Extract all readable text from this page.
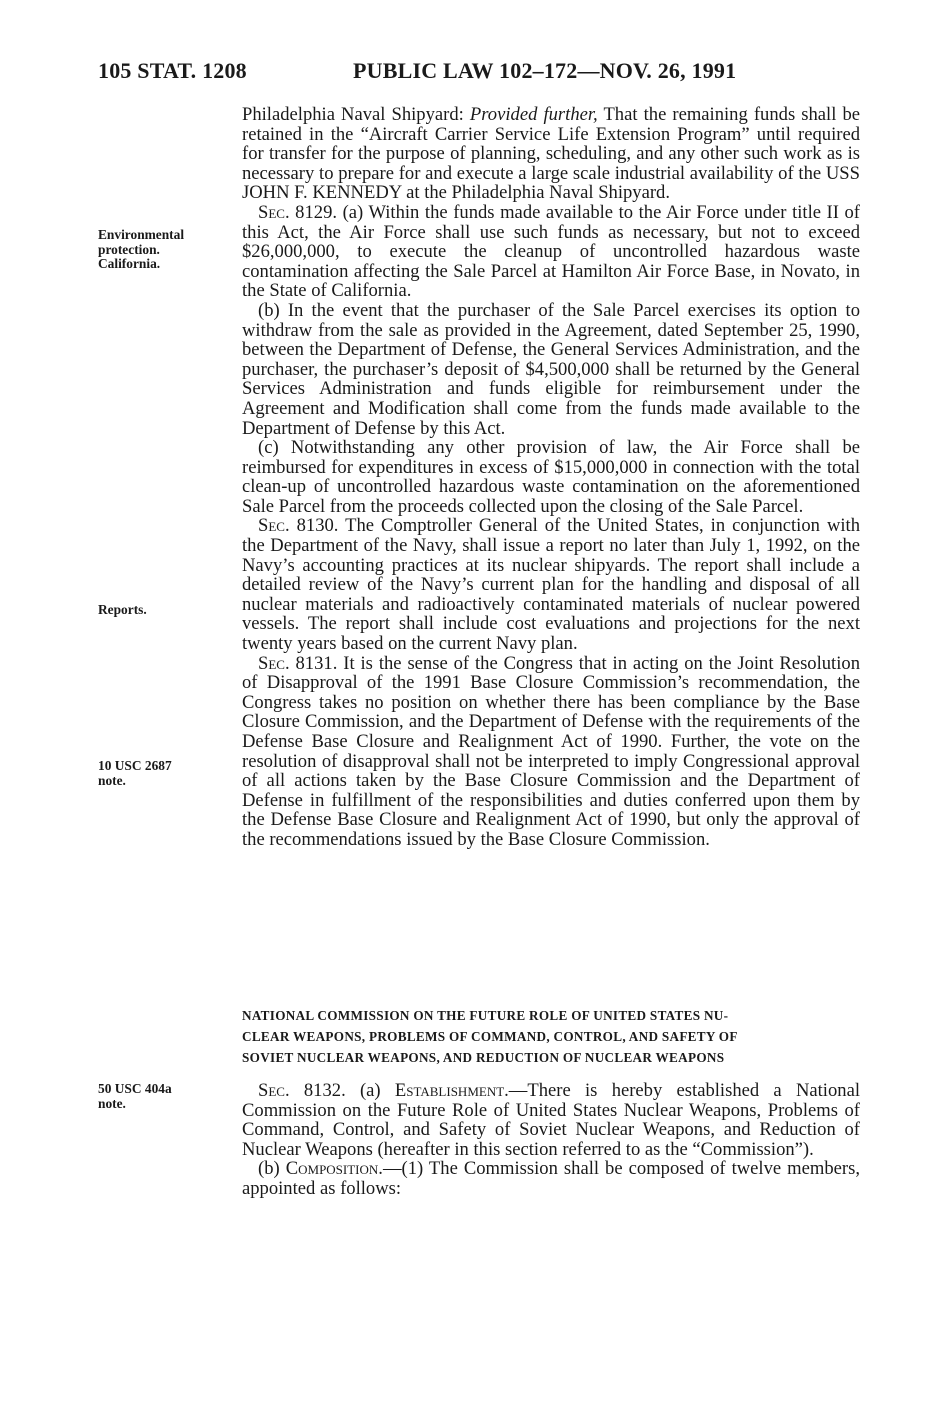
105 STAT. 1208	PUBLIC LAW 102–172—NOV. 26, 1991
Environmental
protection.
California.
Reports.
10 USC 2687
note.
50 USC 404a
note.

Philadelphia Naval Shipyard: Provided further, That the remaining funds shall be retained in the “Aircraft Carrier Service Life Extension Program” until required for transfer for the purpose of planning, scheduling, and any other such work as is necessary to prepare for and execute a large scale industrial availability of the USS JOHN F. KENNEDY at the Philadelphia Naval Shipyard.

Sec. 8129. (a) Within the funds made available to the Air Force under title II of this Act, the Air Force shall use such funds as necessary, but not to exceed $26,000,000, to execute the cleanup of uncontrolled hazardous waste contamination affecting the Sale Parcel at Hamilton Air Force Base, in Novato, in the State of California.

(b) In the event that the purchaser of the Sale Parcel exercises its option to withdraw from the sale as provided in the Agreement, dated September 25, 1990, between the Department of Defense, the General Services Administration, and the purchaser, the purchaser’s deposit of $4,500,000 shall be returned by the General Services Administration and funds eligible for reimbursement under the Agreement and Modification shall come from the funds made available to the Department of Defense by this Act.

(c) Notwithstanding any other provision of law, the Air Force shall be reimbursed for expenditures in excess of $15,000,000 in connection with the total clean-up of uncontrolled hazardous waste contamination on the aforementioned Sale Parcel from the proceeds collected upon the closing of the Sale Parcel.

Sec. 8130. The Comptroller General of the United States, in conjunction with the Department of the Navy, shall issue a report no later than July 1, 1992, on the Navy’s accounting practices at its nuclear shipyards. The report shall include a detailed review of the Navy’s current plan for the handling and disposal of all nuclear materials and radioactively contaminated materials of nuclear powered vessels. The report shall include cost evaluations and projections for the next twenty years based on the current Navy plan.

Sec. 8131. It is the sense of the Congress that in acting on the Joint Resolution of Disapproval of the 1991 Base Closure Commission’s recommendation, the Congress takes no position on whether there has been compliance by the Base Closure Commission, and the Department of Defense with the requirements of the Defense Base Closure and Realignment Act of 1990. Further, the vote on the resolution of disapproval shall not be interpreted to imply Congressional approval of all actions taken by the Base Closure Commission and the Department of Defense in fulfillment of the responsibilities and duties conferred upon them by the Defense Base Closure and Realignment Act of 1990, but only the approval of the recommendations issued by the Base Closure Commission.

NATIONAL COMMISSION ON THE FUTURE ROLE OF UNITED STATES NU-
CLEAR WEAPONS, PROBLEMS OF COMMAND, CONTROL, AND SAFETY OF
SOVIET NUCLEAR WEAPONS, AND REDUCTION OF NUCLEAR WEAPONS

Sec. 8132. (a) Establishment.—There is hereby established a National Commission on the Future Role of United States Nuclear Weapons, Problems of Command, Control, and Safety of Soviet Nuclear Weapons, and Reduction of Nuclear Weapons (hereafter in this section referred to as the “Commission”).

(b) Composition.—(1) The Commission shall be composed of twelve members, appointed as follows:
